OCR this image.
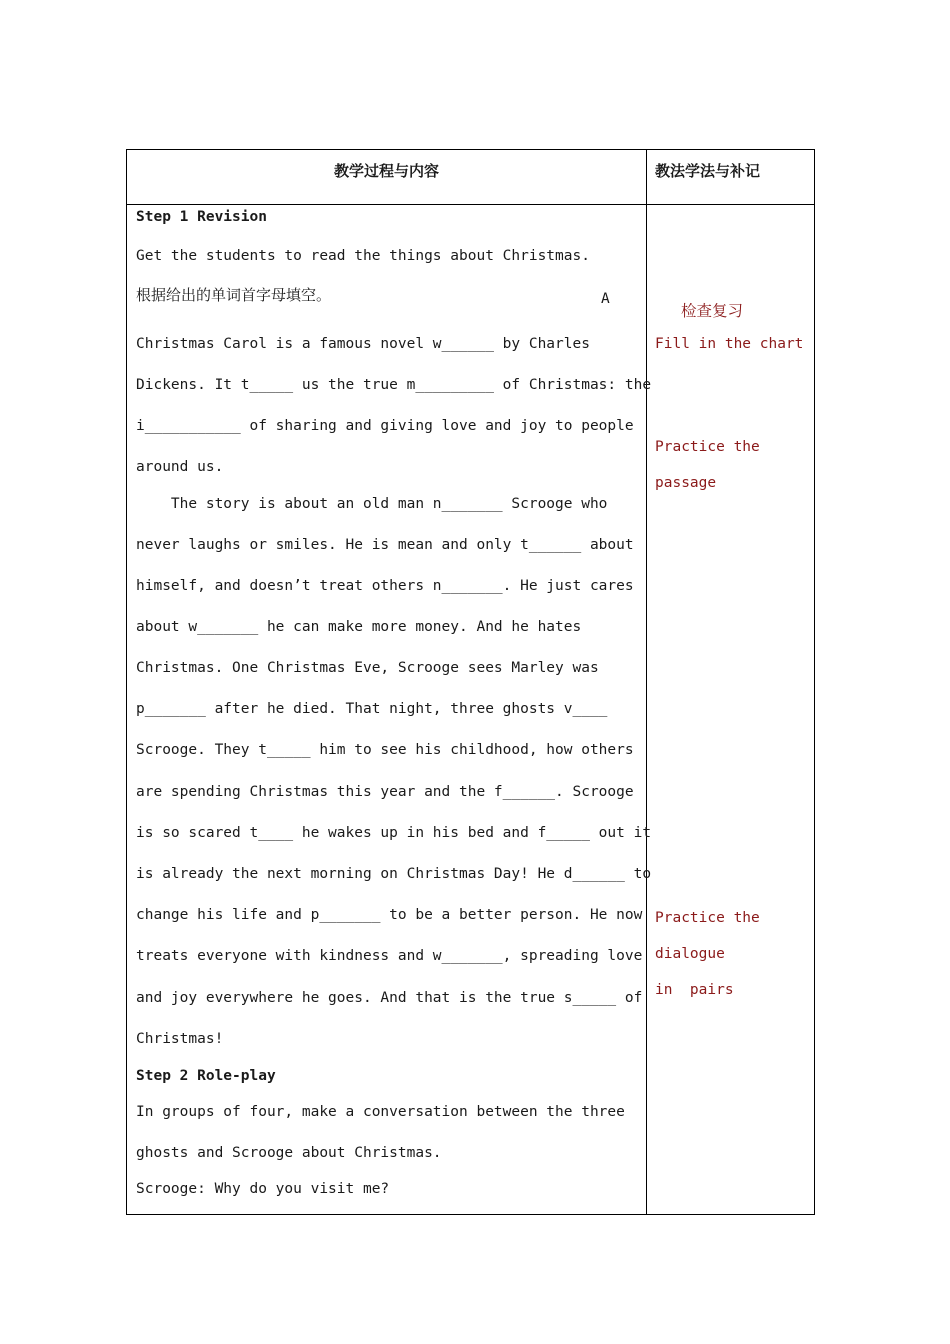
教学过程与内容	教法学法与补记
Step 1 Revision
Get the students to read the things about Christmas.
根据给出的单词首字母填空。	A
Christmas Carol is a famous novel w______ by Charles
Dickens. It t_____ us the true m_________ of Christmas: the
i___________ of sharing and giving love and joy to people
around us.
The story is about an old man n_______ Scrooge who
never laughs or smiles. He is mean and only t______ about
himself, and doesn’t treat others n_______. He just cares
about w_______ he can make more money. And he hates
Christmas. One Christmas Eve, Scrooge sees Marley was
p_______ after he died. That night, three ghosts v____
Scrooge. They t_____ him to see his childhood, how others
are spending Christmas this year and the f______. Scrooge
is so scared t____ he wakes up in his bed and f_____ out it
is already the next morning on Christmas Day! He d______ to
change his life and p_______ to be a better person. He now
treats everyone with kindness and w_______, spreading love
and joy everywhere he goes. And that is the true s_____ of
Christmas!
Step 2 Role-play
In groups of four, make a conversation between the three
ghosts and Scrooge about Christmas.
Scrooge: Why do you visit me?
检查复习
Fill in the chart
Practice the
passage
Practice the
dialogue
in  pairs
